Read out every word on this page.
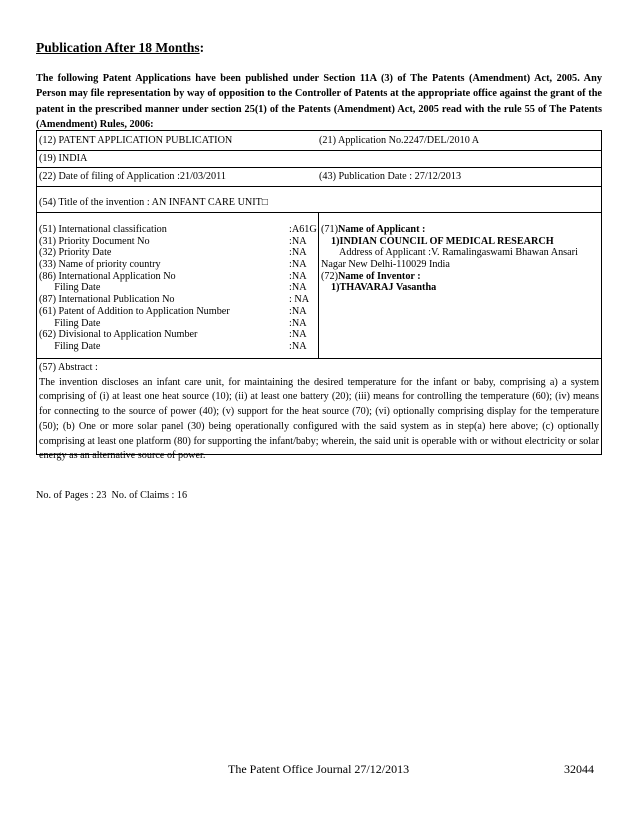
Publication After 18 Months:
The following Patent Applications have been published under Section 11A (3) of The Patents (Amendment) Act, 2005. Any Person may file representation by way of opposition to the Controller of Patents at the appropriate office against the grant of the patent in the prescribed manner under section 25(1) of the Patents (Amendment) Act, 2005 read with the rule 55 of The Patents (Amendment) Rules, 2006:
(12) PATENT APPLICATION PUBLICATION	(21) Application No.2247/DEL/2010 A
(19) INDIA
(22) Date of filing of Application :21/03/2011	(43) Publication Date : 27/12/2013
(54) Title of the invention : AN INFANT CARE UNIT□
(51) International classification	:A61G
(31) Priority Document No	:NA
(32) Priority Date	:NA
(33) Name of priority country	:NA
(86) International Application No	:NA
Filing Date	:NA
(87) International Publication No	: NA
(61) Patent of Addition to Application Number	:NA
Filing Date	:NA
(62) Divisional to Application Number	:NA
Filing Date	:NA
(71)Name of Applicant :
1)INDIAN COUNCIL OF MEDICAL RESEARCH
Address of Applicant :V. Ramalingaswami Bhawan Ansari
Nagar New Delhi-110029 India
(72)Name of Inventor :
1)THAVARAJ Vasantha
(57) Abstract :
The invention discloses an infant care unit, for maintaining the desired temperature for the infant or baby, comprising a) a system comprising of (i) at least one heat source (10); (ii) at least one battery (20); (iii) means for controlling the temperature (60); (iv) means for connecting to the source of power (40); (v) support for the heat source (70); (vi) optionally comprising display for the temperature (50); (b) One or more solar panel (30) being operationally configured with the said system as in step(a) here above; (c) optionally comprising at least one platform (80) for supporting the infant/baby; wherein, the said unit is operable with or without electricity or solar energy as an alternative source of power.
No. of Pages : 23  No. of Claims : 16
The Patent Office Journal 27/12/2013	32044
